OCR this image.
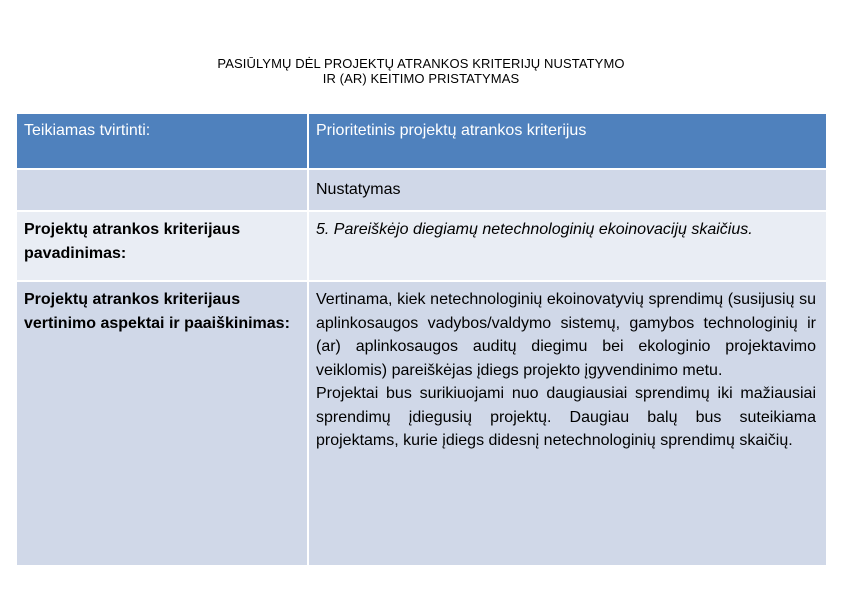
PASIŪLYMŲ DĖL PROJEKTŲ ATRANKOS KRITERIJŲ NUSTATYMO
IR (AR) KEITIMO PRISTATYMAS
Teikiamas tvirtinti:	Prioritetinis projektų atrankos kriterijus
Nustatymas
Projektų atrankos kriterijaus pavadinimas:
5. Pareiškėjo diegiamų netechnologinių ekoinovacijų skaičius.
Projektų atrankos kriterijaus vertinimo aspektai ir paaiškinimas:

Vertinama, kiek netechnologinių ekoinovatyvių sprendimų (susijusių su aplinkosaugos vadybos/valdymo sistemų, gamybos technologinių ir (ar) aplinkosaugos auditų diegimu bei ekologinio projektavimo veiklomis) pareiškėjas įdiegs projekto įgyvendinimo metu.

Projektai bus surikiuojami nuo daugiausiai sprendimų iki mažiausiai sprendimų įdiegusių projektų. Daugiau balų bus suteikiama projektams, kurie įdiegs didesnį netechnologinių sprendimų skaičių.
